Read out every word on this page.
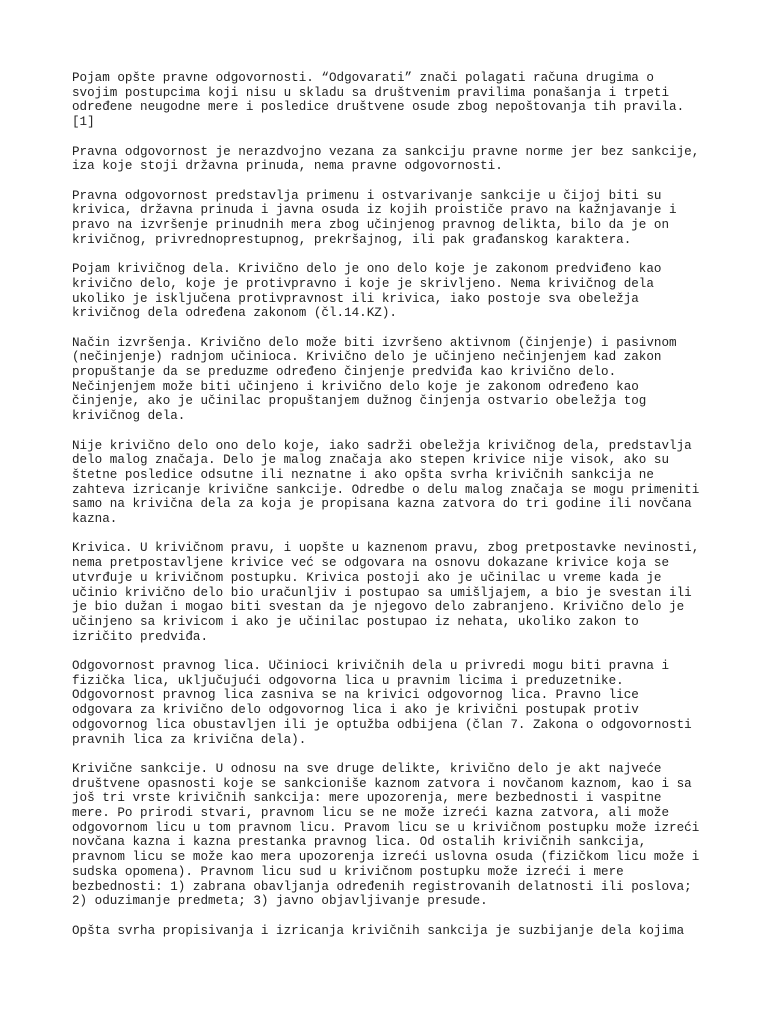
Pojam opšte pravne odgovornosti. “Odgovarati” znači polagati računa drugima o
svojim postupcima koji nisu u skladu sa društvenim pravilima ponašanja i trpeti
određene neugodne mere i posledice društvene osude zbog nepoštovanja tih pravila.
[1]

Pravna odgovornost je nerazdvojno vezana za sankciju pravne norme jer bez sankcije,
iza koje stoji državna prinuda, nema pravne odgovornosti.

Pravna odgovornost predstavlja primenu i ostvarivanje sankcije u čijoj biti su
krivica, državna prinuda i javna osuda iz kojih proističe pravo na kažnjavanje i
pravo na izvršenje prinudnih mera zbog učinjenog pravnog delikta, bilo da je on
krivičnog, privrednoprestupnog, prekršajnog, ili pak građanskog karaktera.

Pojam krivičnog dela. Krivično delo je ono delo koje je zakonom predviđeno kao
krivično delo, koje je protivpravno i koje je skrivljeno. Nema krivičnog dela
ukoliko je isključena protivpravnost ili krivica, iako postoje sva obeležja
krivičnog dela određena zakonom (čl.14.KZ).

Način izvršenja. Krivično delo može biti izvršeno aktivnom (činjenje) i pasivnom
(nečinjenje) radnjom učinioca. Krivično delo je učinjeno nečinjenjem kad zakon
propuštanje da se preduzme određeno činjenje predviđa kao krivično delo.
Nečinjenjem može biti učinjeno i krivično delo koje je zakonom određeno kao
činjenje, ako je učinilac propuštanjem dužnog činjenja ostvario obeležja tog
krivičnog dela.

Nije krivično delo ono delo koje, iako sadrži obeležja krivičnog dela, predstavlja
delo malog značaja. Delo je malog značaja ako stepen krivice nije visok, ako su
štetne posledice odsutne ili neznatne i ako opšta svrha krivičnih sankcija ne
zahteva izricanje krivične sankcije. Odredbe o delu malog značaja se mogu primeniti
samo na krivična dela za koja je propisana kazna zatvora do tri godine ili novčana
kazna.

Krivica. U krivičnom pravu, i uopšte u kaznenom pravu, zbog pretpostavke nevinosti,
nema pretpostavljene krivice već se odgovara na osnovu dokazane krivice koja se
utvrđuje u krivičnom postupku. Krivica postoji ako je učinilac u vreme kada je
učinio krivično delo bio uračunljiv i postupao sa umišljajem, a bio je svestan ili
je bio dužan i mogao biti svestan da je njegovo delo zabranjeno. Krivično delo je
učinjeno sa krivicom i ako je učinilac postupao iz nehata, ukoliko zakon to
izričito predviđa.

Odgovornost pravnog lica. Učinioci krivičnih dela u privredi mogu biti pravna i
fizička lica, uključujući odgovorna lica u pravnim licima i preduzetnike.
Odgovornost pravnog lica zasniva se na krivici odgovornog lica. Pravno lice
odgovara za krivično delo odgovornog lica i ako je krivični postupak protiv
odgovornog lica obustavljen ili je optužba odbijena (član 7. Zakona o odgovornosti
pravnih lica za krivična dela).

Krivične sankcije. U odnosu na sve druge delikte, krivično delo je akt najveće
društvene opasnosti koje se sankcioniše kaznom zatvora i novčanom kaznom, kao i sa
još tri vrste krivičnih sankcija: mere upozorenja, mere bezbednosti i vaspitne
mere. Po prirodi stvari, pravnom licu se ne može izreći kazna zatvora, ali može
odgovornom licu u tom pravnom licu. Pravom licu se u krivičnom postupku može izreći
novčana kazna i kazna prestanka pravnog lica. Od ostalih krivičnih sankcija,
pravnom licu se može kao mera upozorenja izreći uslovna osuda (fizičkom licu može i
sudska opomena). Pravnom licu sud u krivičnom postupku može izreći i mere
bezbednosti: 1) zabrana obavljanja određenih registrovanih delatnosti ili poslova;
2) oduzimanje predmeta; 3) javno objavljivanje presude.

Opšta svrha propisivanja i izricanja krivičnih sankcija je suzbijanje dela kojima
